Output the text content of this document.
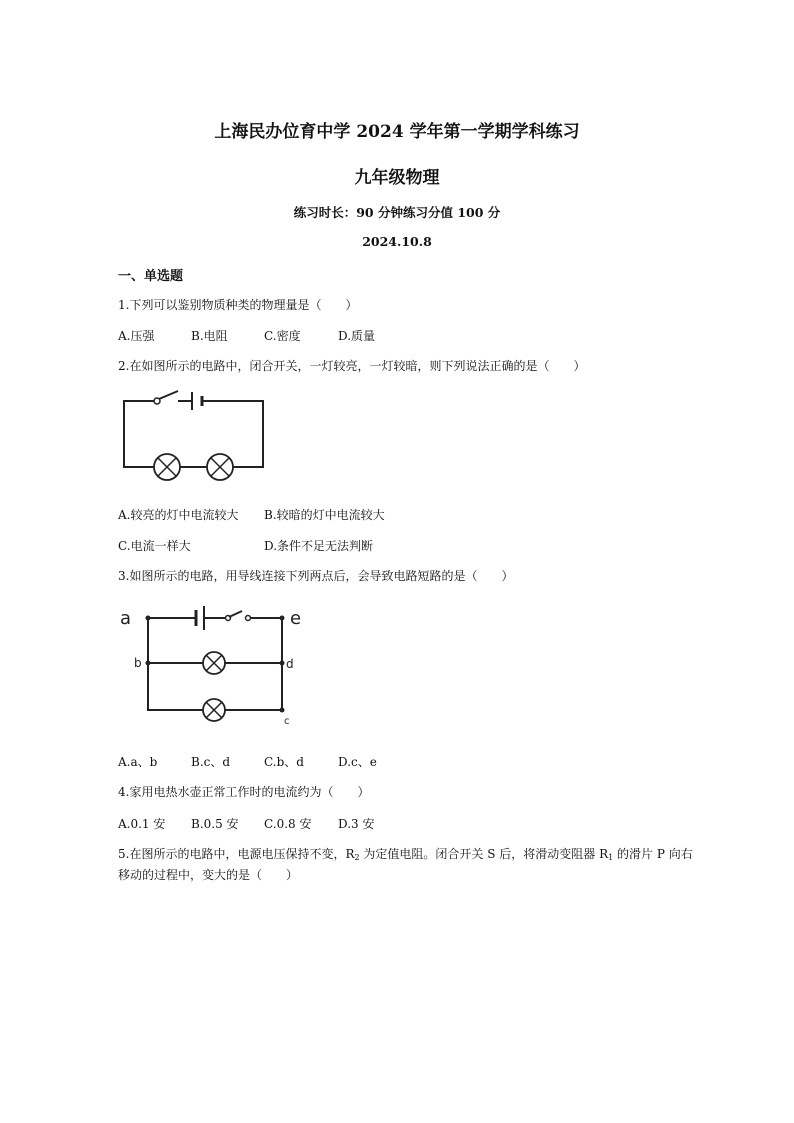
上海民办位育中学 2024 学年第一学期学科练习
九年级物理
练习时长：90 分钟练习分值 100 分
2024.10.8
一、单选题
1.下列可以鉴别物质种类的物理量是（　　）
A.压强	B.电阻	C.密度	D.质量
2.在如图所示的电路中，闭合开关，一灯较亮，一灯较暗，则下列说法正确的是（　　）
A.较亮的灯中电流较大 B.较暗的灯中电流较大
C.电流一样大	D.条件不足无法判断
3.如图所示的电路，用导线连接下列两点后，会导致电路短路的是（　　）
a	e
b	d
c
A.a、b	B.c、d	C.b、d	D.c、e
4.家用电热水壶正常工作时的电流约为（　　）
A.0.1 安 B.0.5 安 C.0.8 安 D.3 安
5.在图所示的电路中，电源电压保持不变，$R_2$ 为定值电阻。闭合开关 S 后，将滑动变阻器 $R_1$ 的滑片 P 向右
移动的过程中，变大的是（　　）
